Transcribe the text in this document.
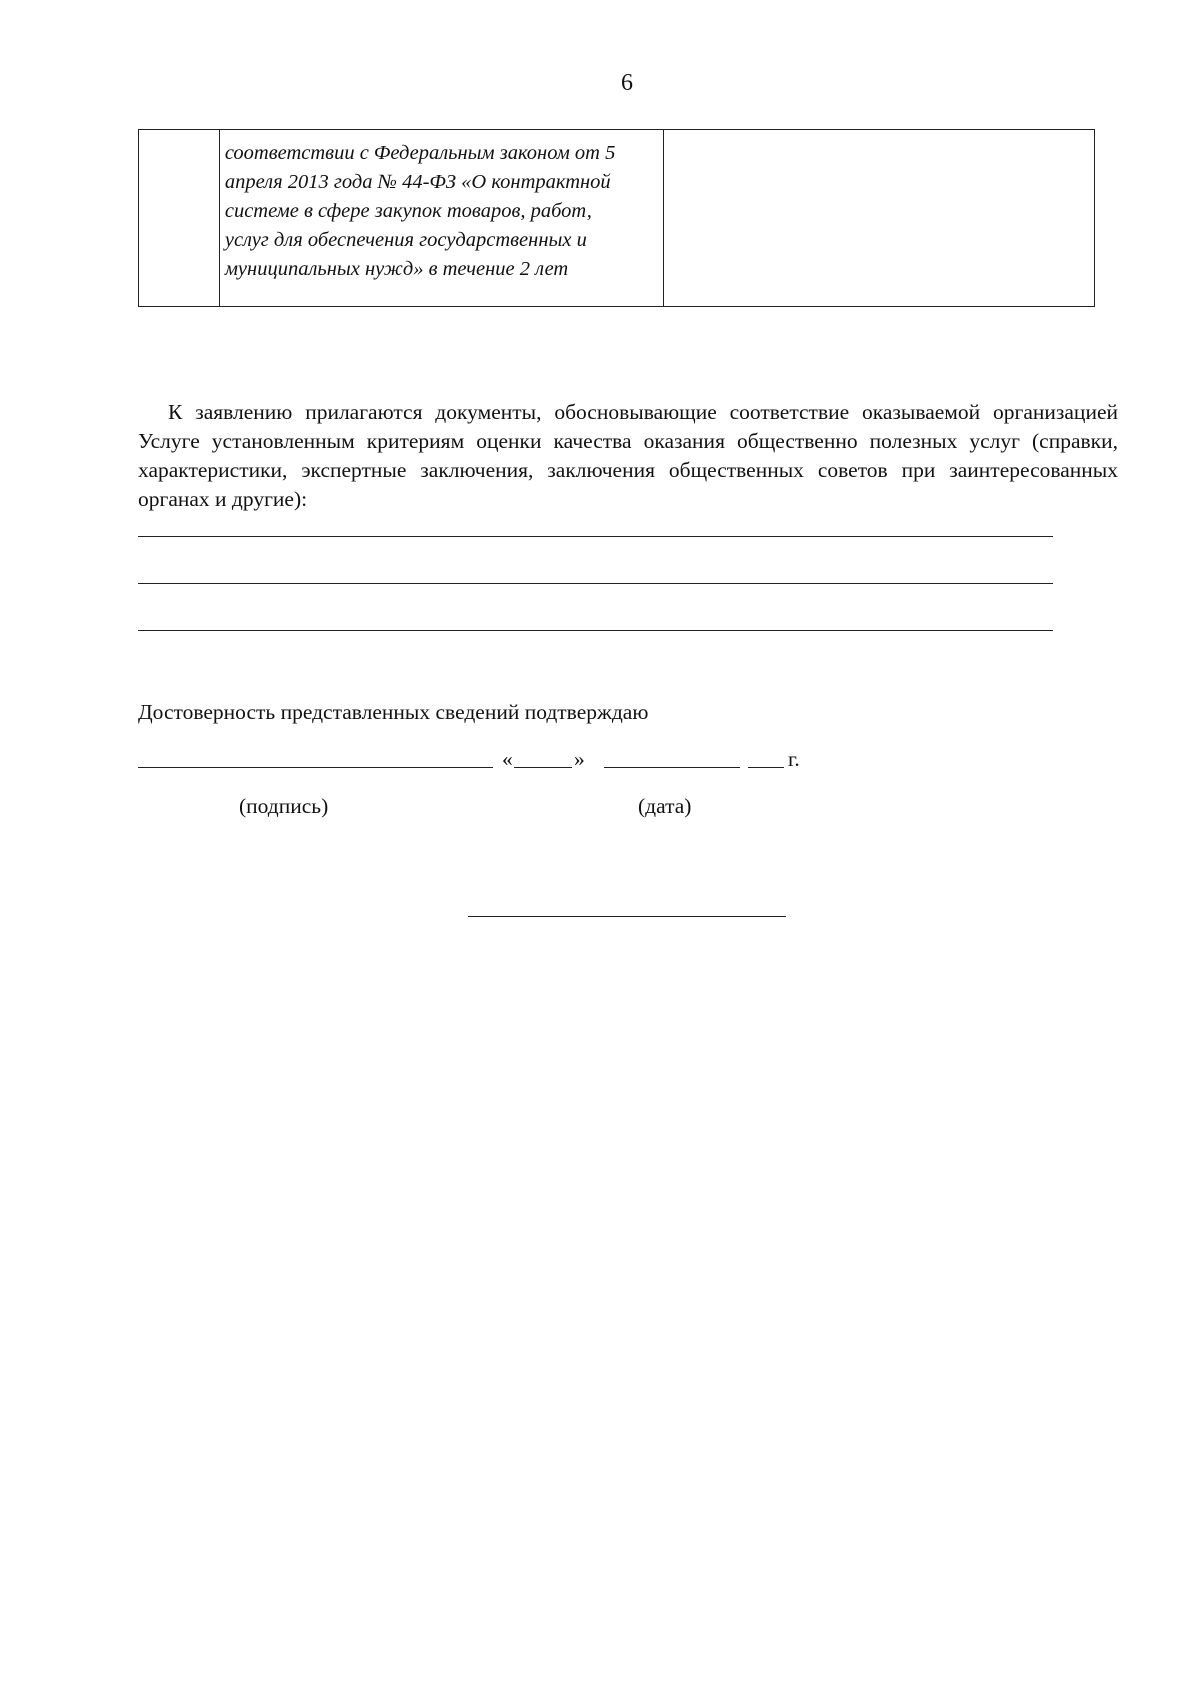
6

соответствии с Федеральным законом от 5
апреля 2013 года № 44-ФЗ «О контрактной
системе в сфере закупок товаров, работ,
услуг для обеспечения государственных и
муниципальных нужд» в течение 2 лет

К заявлению прилагаются документы, обосновывающие соответствие оказываемой организацией Услуге установленным критериям оценки качества оказания общественно полезных услуг (справки, характеристики, экспертные заключения, заключения общественных советов при заинтересованных органах и другие):

Достоверность представленных сведений подтверждаю
«	»	г.
(подпись)	(дата)
